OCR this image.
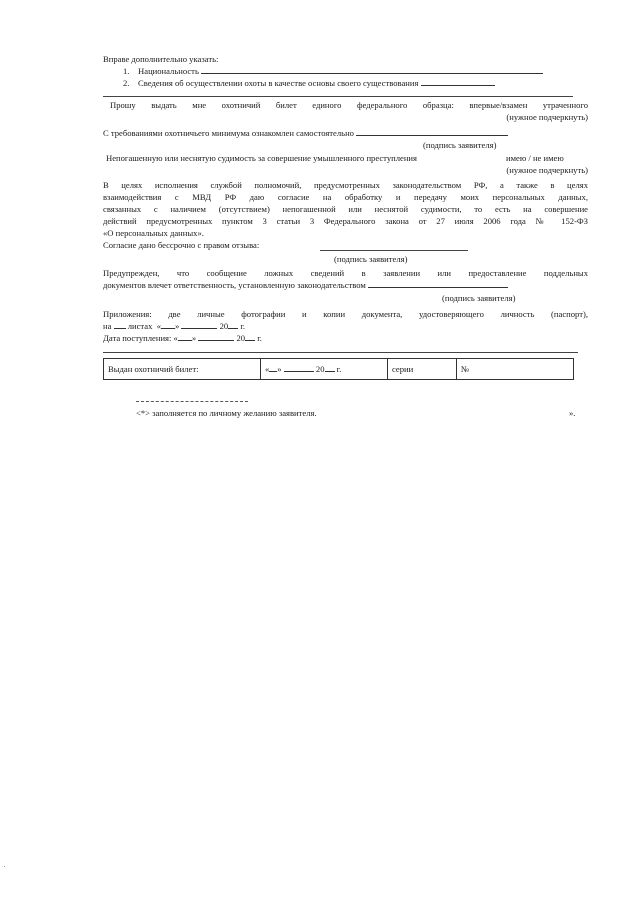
Вправе дополнительно указать:
1. Национальность
2. Сведения об осуществлении охоты в качестве основы своего существования
Прошу выдать мне охотничий билет единого федерального образца: впервые/взамен утраченного
(нужное подчеркнуть)
С требованиями охотничьего минимума ознакомлен самостоятельно
(подпись заявителя)
Непогашенную или неснятую судимость за совершение умышленного преступления	имею / не имею
(нужное подчеркнуть)
В целях исполнения службой полномочий, предусмотренных законодательством РФ, а также в целях
взаимодействия с МВД РФ даю согласие на обработку и передачу моих персональных данных,
связанных с наличием (отсутствием) непогашенной или неснятой судимости, то есть на совершение
действий предусмотренных пунктом 3 статьи 3 Федерального закона от 27 июля 2006 года № 152-ФЗ
«О персональных данных».
Согласие дано бессрочно с правом отзыва:
(подпись заявителя)
Предупрежден, что сообщение ложных сведений в заявлении или предоставление поддельных
документов влечет ответственность, установленную законодательством
(подпись заявителя)
Приложения: две личные фотографии и копии документа, удостоверяющего личность (паспорт),
на листах « »	20 г.
Дата поступления: « »	20 г.
Выдан охотничий билет:	« »	20 г.	серии	№
<*> заполняется по личному желанию заявителя.	».
